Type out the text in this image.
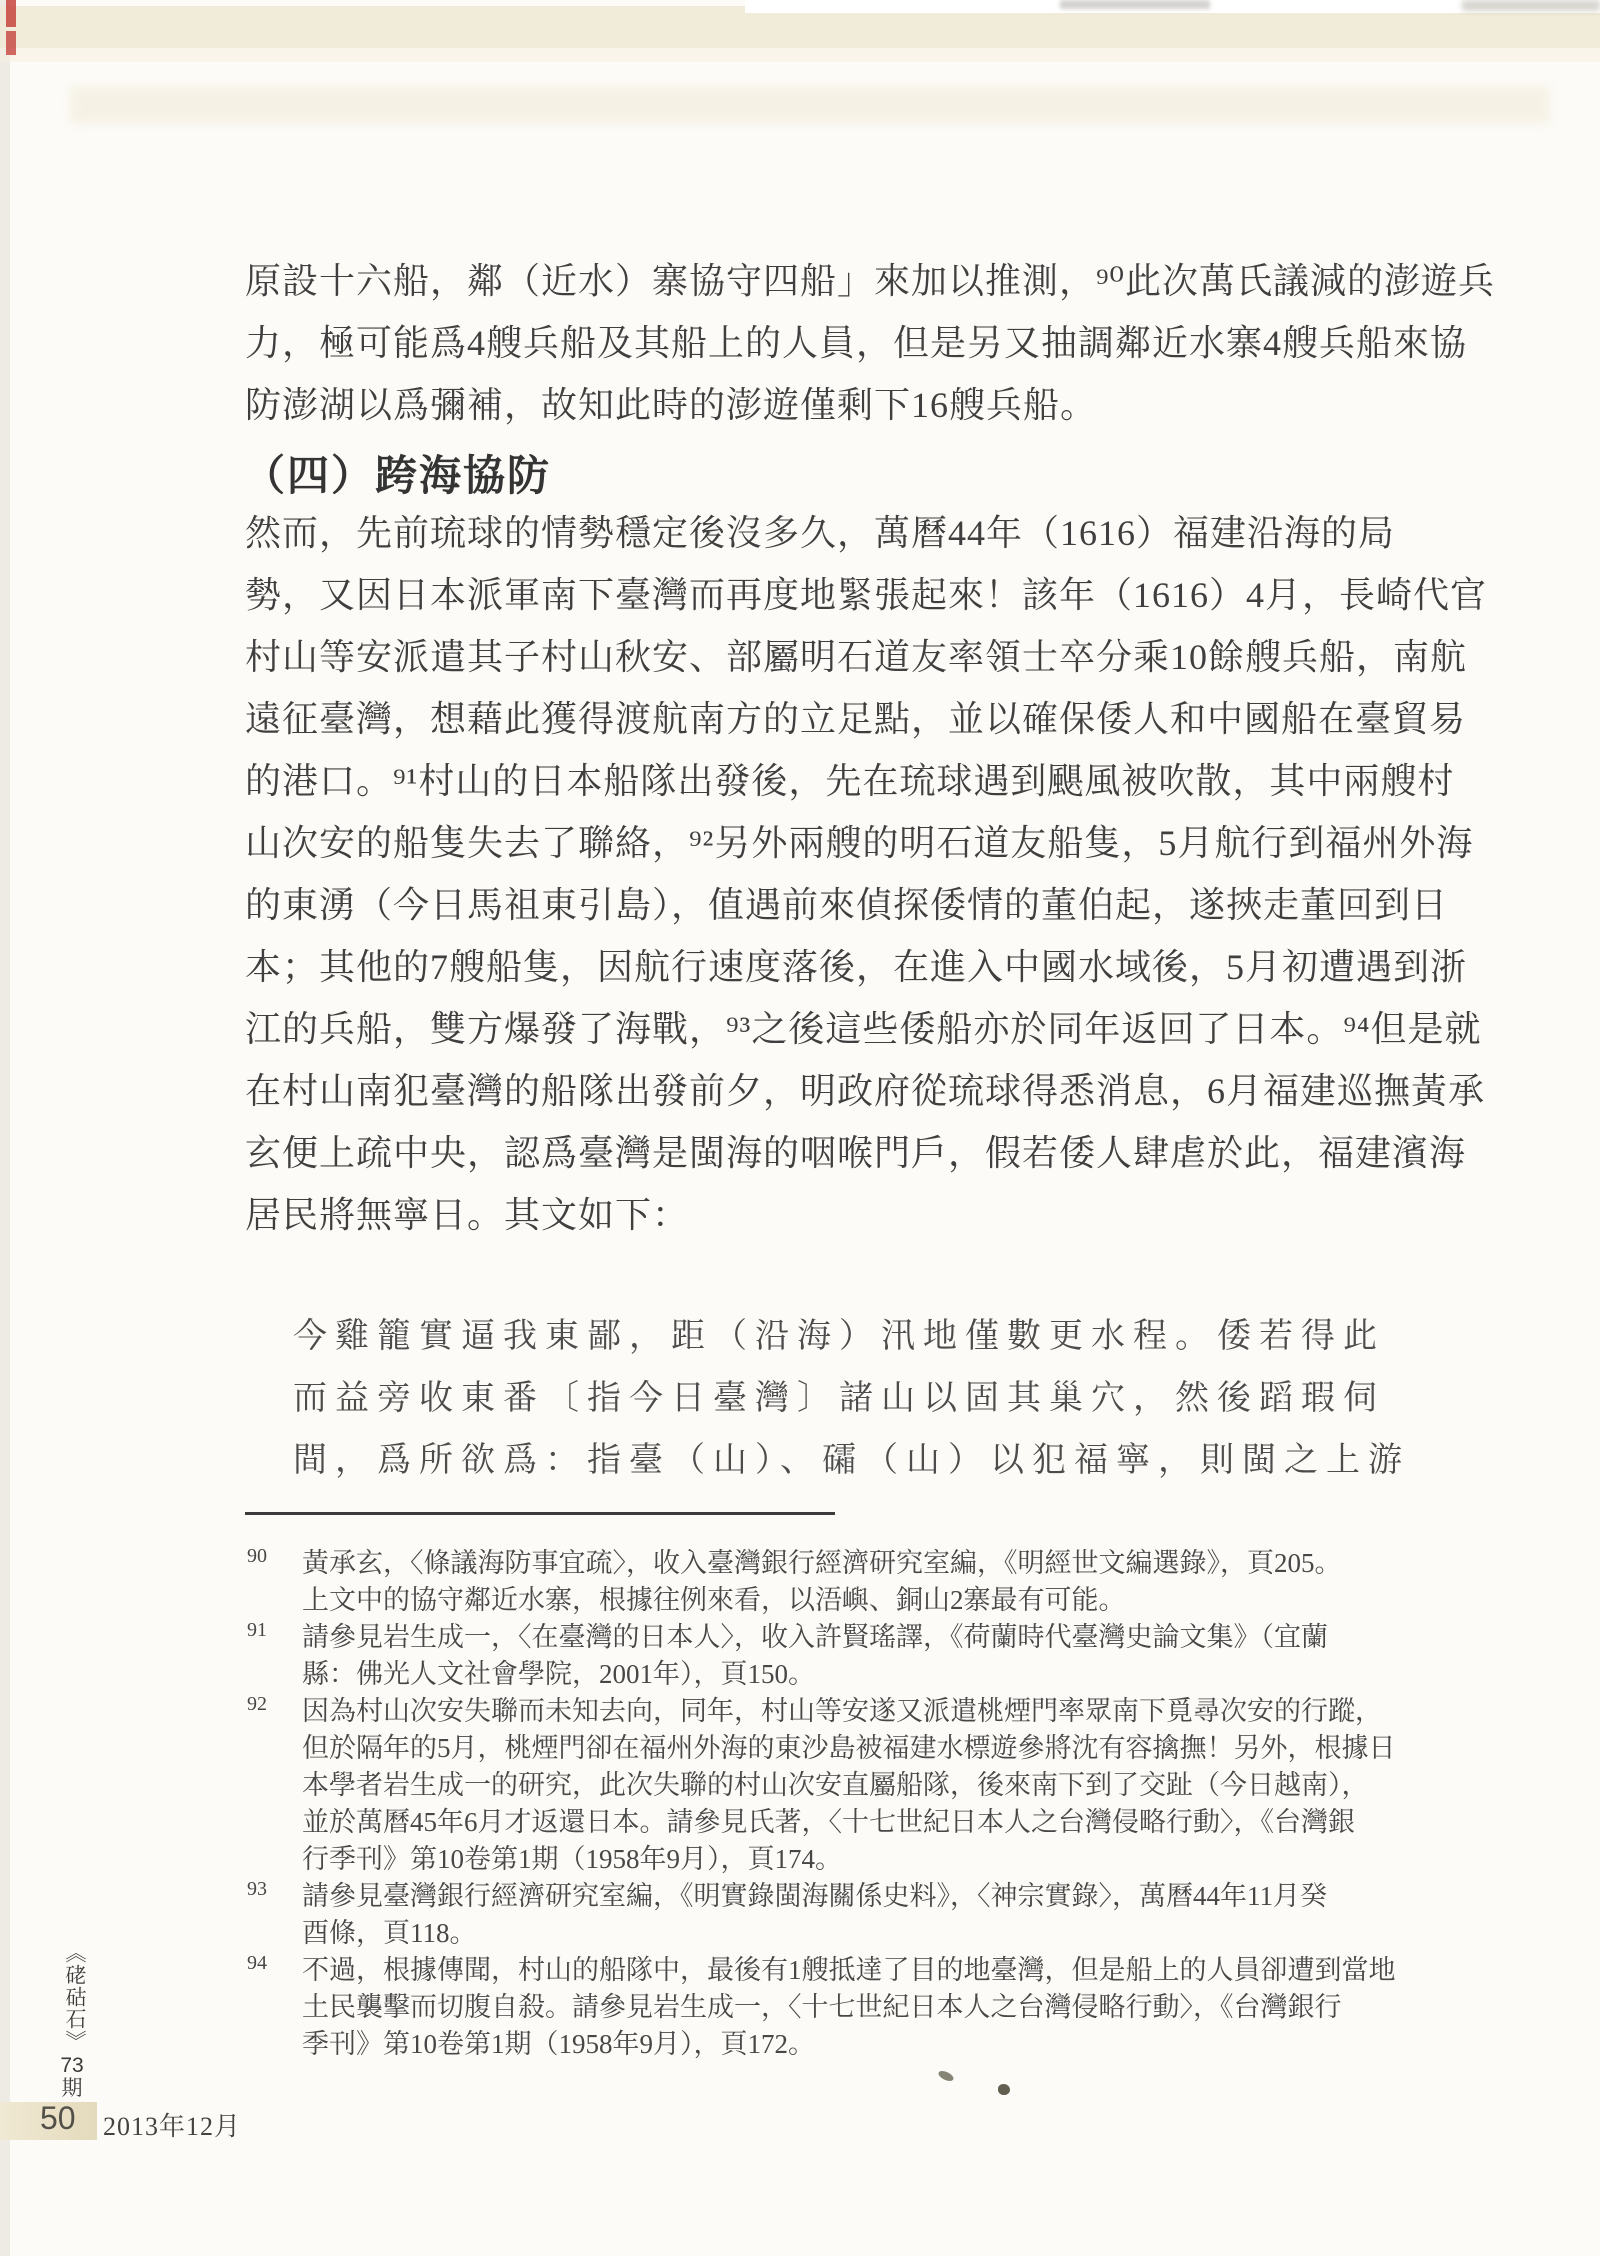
原設十六船，鄰（近水）寨協守四船」來加以推測，⁹⁰此次萬氏議減的澎遊兵
力，極可能爲4艘兵船及其船上的人員，但是另又抽調鄰近水寨4艘兵船來協
防澎湖以爲彌補，故知此時的澎遊僅剩下16艘兵船。
（四）跨海協防
然而，先前琉球的情勢穩定後沒多久，萬曆44年（1616）福建沿海的局
勢，又因日本派軍南下臺灣而再度地緊張起來！該年（1616）4月，長崎代官
村山等安派遣其子村山秋安、部屬明石道友率領士卒分乘10餘艘兵船，南航
遠征臺灣，想藉此獲得渡航南方的立足點，並以確保倭人和中國船在臺貿易
的港口。⁹¹村山的日本船隊出發後，先在琉球遇到颶風被吹散，其中兩艘村
山次安的船隻失去了聯絡，⁹²另外兩艘的明石道友船隻，5月航行到福州外海
的東湧（今日馬祖東引島），值遇前來偵探倭情的董伯起，遂挾走董回到日
本；其他的7艘船隻，因航行速度落後，在進入中國水域後，5月初遭遇到浙
江的兵船，雙方爆發了海戰，⁹³之後這些倭船亦於同年返回了日本。⁹⁴但是就
在村山南犯臺灣的船隊出發前夕，明政府從琉球得悉消息，6月福建巡撫黃承
玄便上疏中央，認爲臺灣是閩海的咽喉門戶，假若倭人肆虐於此，福建濱海
居民將無寧日。其文如下：
今雞籠實逼我東鄙，距（沿海）汛地僅數更水程。倭若得此
而益旁收東番〔指今日臺灣〕諸山以固其巢穴，然後蹈瑕伺
間，爲所欲爲：指臺（山）、礵（山）以犯福寧，則閩之上游
90 黃承玄，〈條議海防事宜疏〉，收入臺灣銀行經濟研究室編，《明經世文編選錄》，頁205。
上文中的協守鄰近水寨，根據往例來看，以浯嶼、銅山2寨最有可能。
91 請參見岩生成一，〈在臺灣的日本人〉，收入許賢瑤譯，《荷蘭時代臺灣史論文集》（宜蘭
縣：佛光人文社會學院，2001年），頁150。
92 因為村山次安失聯而未知去向，同年，村山等安遂又派遣桃煙門率眾南下覓尋次安的行蹤，
但於隔年的5月，桃煙門卻在福州外海的東沙島被福建水標遊參將沈有容擒撫！另外，根據日
本學者岩生成一的研究，此次失聯的村山次安直屬船隊，後來南下到了交趾（今日越南），
並於萬曆45年6月才返還日本。請參見氏著，〈十七世紀日本人之台灣侵略行動〉，《台灣銀
行季刊》第10卷第1期（1958年9月），頁174。
93 請參見臺灣銀行經濟研究室編，《明實錄閩海關係史料》，〈神宗實錄〉，萬曆44年11月癸
酉條，頁118。
94 不過，根據傳聞，村山的船隊中，最後有1艘抵達了目的地臺灣，但是船上的人員卻遭到當地
土民襲擊而切腹自殺。請參見岩生成一，〈十七世紀日本人之台灣侵略行動〉，《台灣銀行
季刊》第10卷第1期（1958年9月），頁172。
《硓𥑮石》
73
期
50 2013年12月
